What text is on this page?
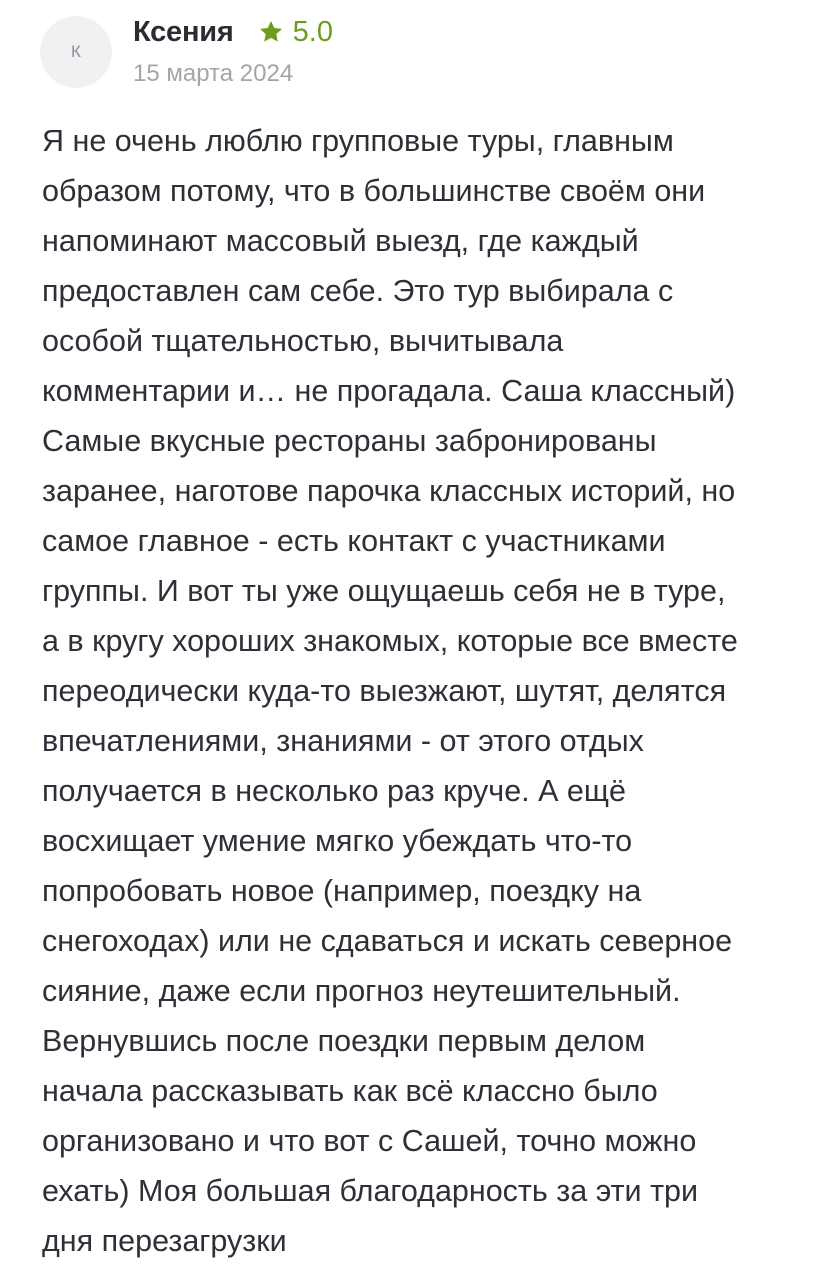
К
Ксения 5.0
15 марта 2024

Я не очень люблю групповые туры, главным
образом потому, что в большинстве своём они
напоминают массовый выезд, где каждый
предоставлен сам себе. Это тур выбирала с
особой тщательностью, вычитывала
комментарии и… не прогадала. Саша классный)
Самые вкусные рестораны забронированы
заранее, наготове парочка классных историй, но
самое главное - есть контакт с участниками
группы. И вот ты уже ощущаешь себя не в туре,
а в кругу хороших знакомых, которые все вместе
переодически куда-то выезжают, шутят, делятся
впечатлениями, знаниями - от этого отдых
получается в несколько раз круче. А ещё
восхищает умение мягко убеждать что-то
попробовать новое (например, поездку на
снегоходах) или не сдаваться и искать северное
сияние, даже если прогноз неутешительный.
Вернувшись после поездки первым делом
начала рассказывать как всё классно было
организовано и что вот с Сашей, точно можно
ехать) Моя большая благодарность за эти три
дня перезагрузки
